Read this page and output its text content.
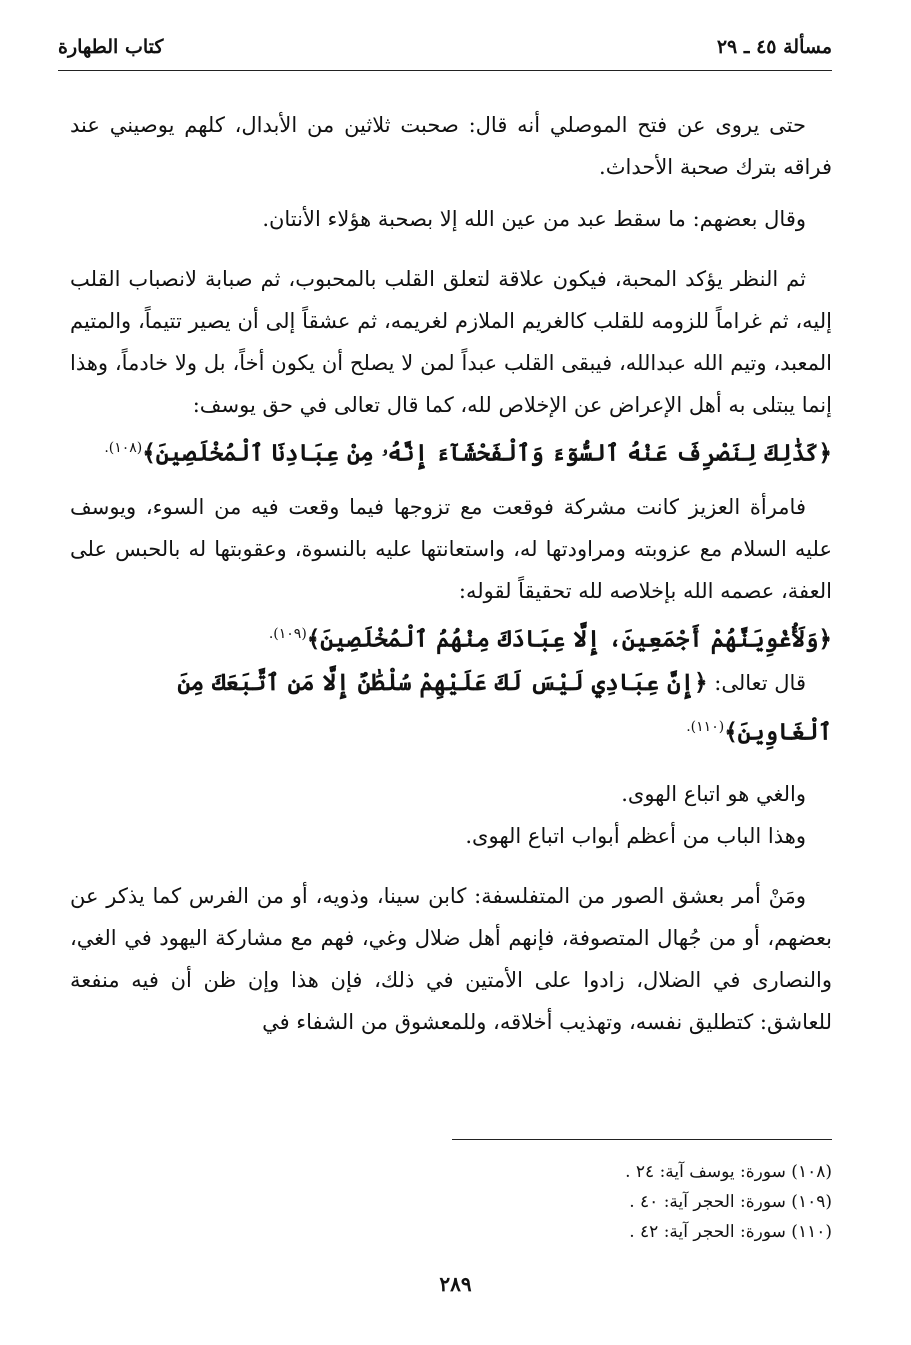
مسألة ٤٥ ـ ٢٩
كتاب الطهارة

حتى يروى عن فتح الموصلي أنه قال: صحبت ثلاثين من الأبدال، كلهم يوصيني عند فراقه بترك صحبة الأحداث.

وقال بعضهم: ما سقط عبد من عين الله إلا بصحبة هؤلاء الأنتان.

ثم النظر يؤكد المحبة، فيكون علاقة لتعلق القلب بالمحبوب، ثم صبابة لانصباب القلب إليه، ثم غراماً للزومه للقلب كالغريم الملازم لغريمه، ثم عشقاً إلى أن يصير تتيماً، والمتيم المعبد، وتيم الله عبدالله، فيبقى القلب عبداً لمن لا يصلح أن يكون أخاً، بل ولا خادماً، وهذا إنما يبتلى به أهل الإعراض عن الإخلاص لله، كما قال تعالى في حق يوسف:

﴿كَذَٰلِكَ لِنَصْرِفَ عَنْهُ ٱلسُّوٓءَ وَٱلْفَحْشَآءَ إِنَّهُۥ مِنْ عِبَادِنَا ٱلْمُخْلَصِينَ﴾$^{(١٠٨).}$

فامرأة العزيز كانت مشركة فوقعت مع تزوجها فيما وقعت فيه من السوء، ويوسف عليه السلام مع عزوبته ومراودتها له، واستعانتها عليه بالنسوة، وعقوبتها له بالحبس على العفة، عصمه الله بإخلاصه لله تحقيقاً لقوله:

﴿وَلَأُغْوِيَنَّهُمْ أَجْمَعِينَ، إِلَّا عِبَادَكَ مِنْهُمُ ٱلْمُخْلَصِينَ﴾$^{(١٠٩).}$

قال تعالى: ﴿إِنَّ عِبَادِي لَيْسَ لَكَ عَلَيْهِمْ سُلْطَٰنٌ إِلَّا مَنِ ٱتَّبَعَكَ مِنَ ٱلْغَاوِينَ﴾$^{(١١٠).}$

والغي هو اتباع الهوى.

وهذا الباب من أعظم أبواب اتباع الهوى.

ومَنْ أمر بعشق الصور من المتفلسفة: كابن سينا، وذويه، أو من الفرس كما يذكر عن بعضهم، أو من جُهال المتصوفة، فإنهم أهل ضلال وغي، فهم مع مشاركة اليهود في الغي، والنصارى في الضلال، زادوا على الأمتين في ذلك، فإن هذا وإن ظن أن فيه منفعة للعاشق: كتطليق نفسه، وتهذيب أخلاقه، وللمعشوق من الشفاء في

(١٠٨) سورة: يوسف آية: ٢٤ .

(١٠٩) سورة: الحجر آية: ٤٠ .

(١١٠) سورة: الحجر آية: ٤٢ .

٢٨٩
